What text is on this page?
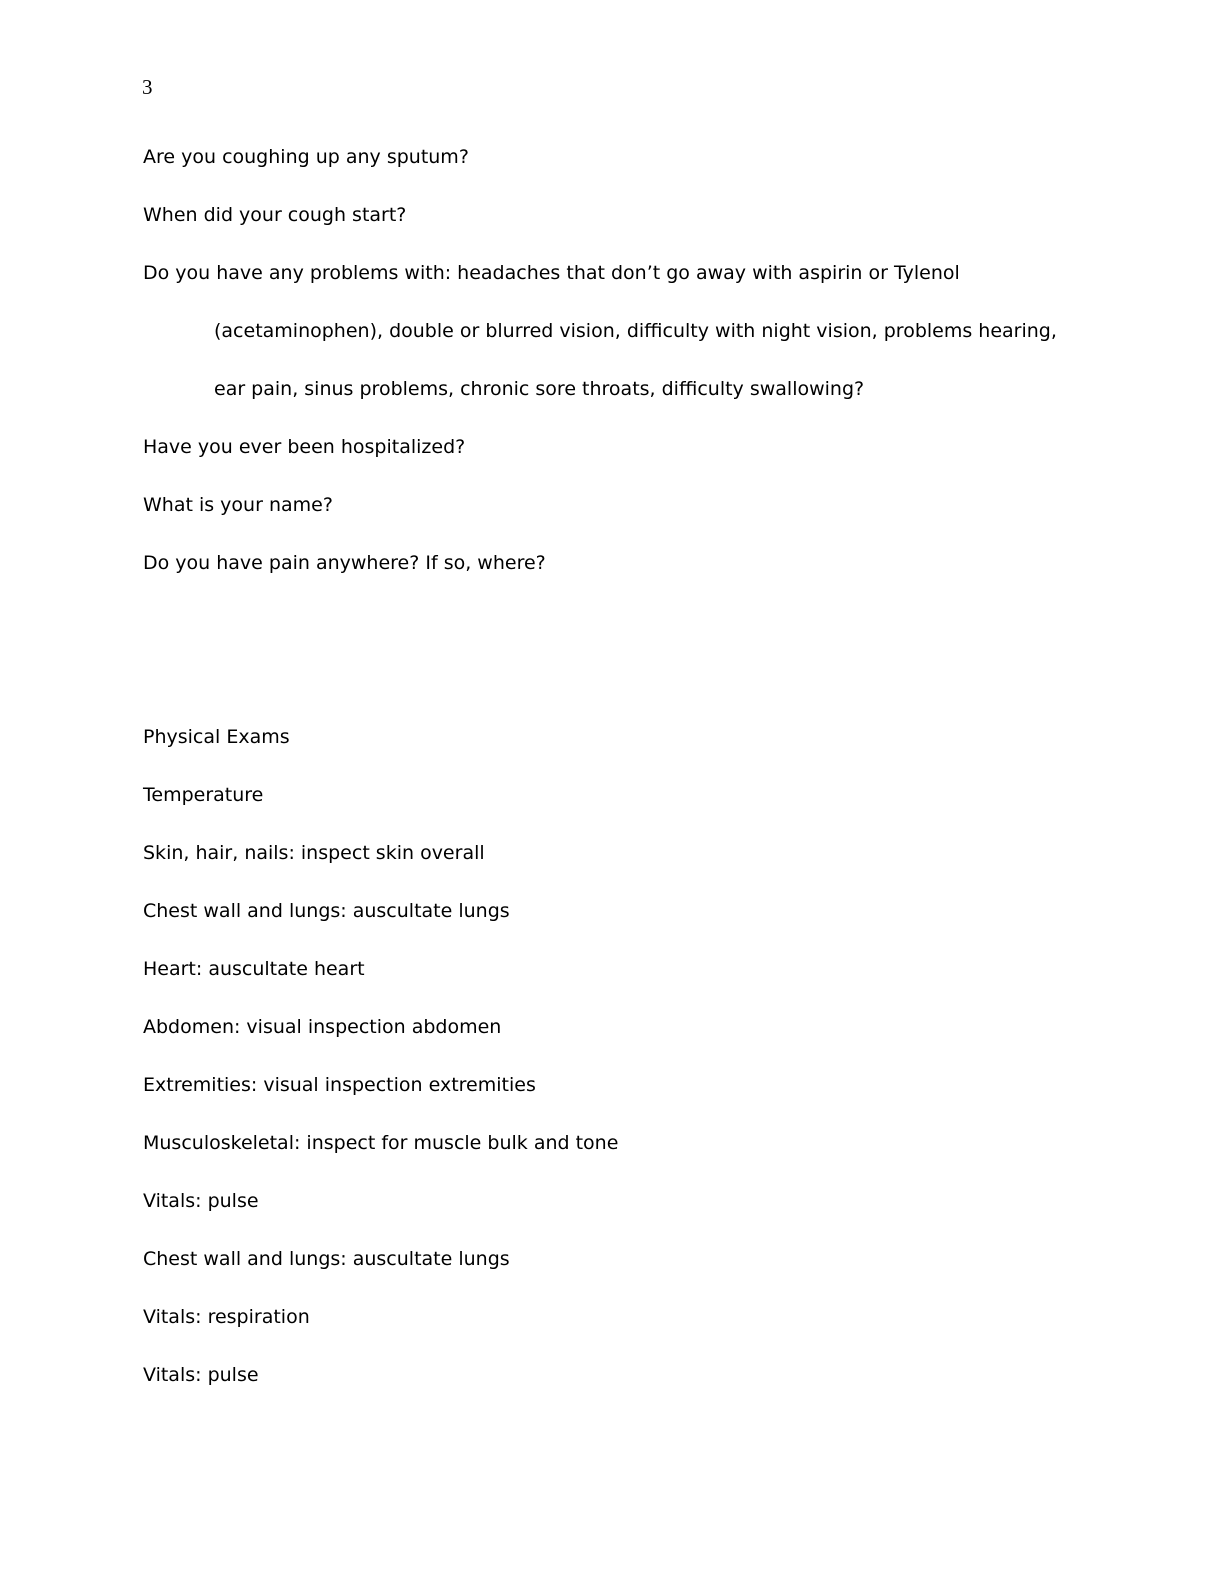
3
Are you coughing up any sputum?
When did your cough start?
Do you have any problems with: headaches that don’t go away with aspirin or Tylenol
(acetaminophen), double or blurred vision, difficulty with night vision, problems hearing,
ear pain, sinus problems, chronic sore throats, difficulty swallowing?
Have you ever been hospitalized?
What is your name?
Do you have pain anywhere? If so, where?
Physical Exams
Temperature
Skin, hair, nails: inspect skin overall
Chest wall and lungs: auscultate lungs
Heart: auscultate heart
Abdomen: visual inspection abdomen
Extremities: visual inspection extremities
Musculoskeletal: inspect for muscle bulk and tone
Vitals: pulse
Chest wall and lungs: auscultate lungs
Vitals: respiration
Vitals: pulse
